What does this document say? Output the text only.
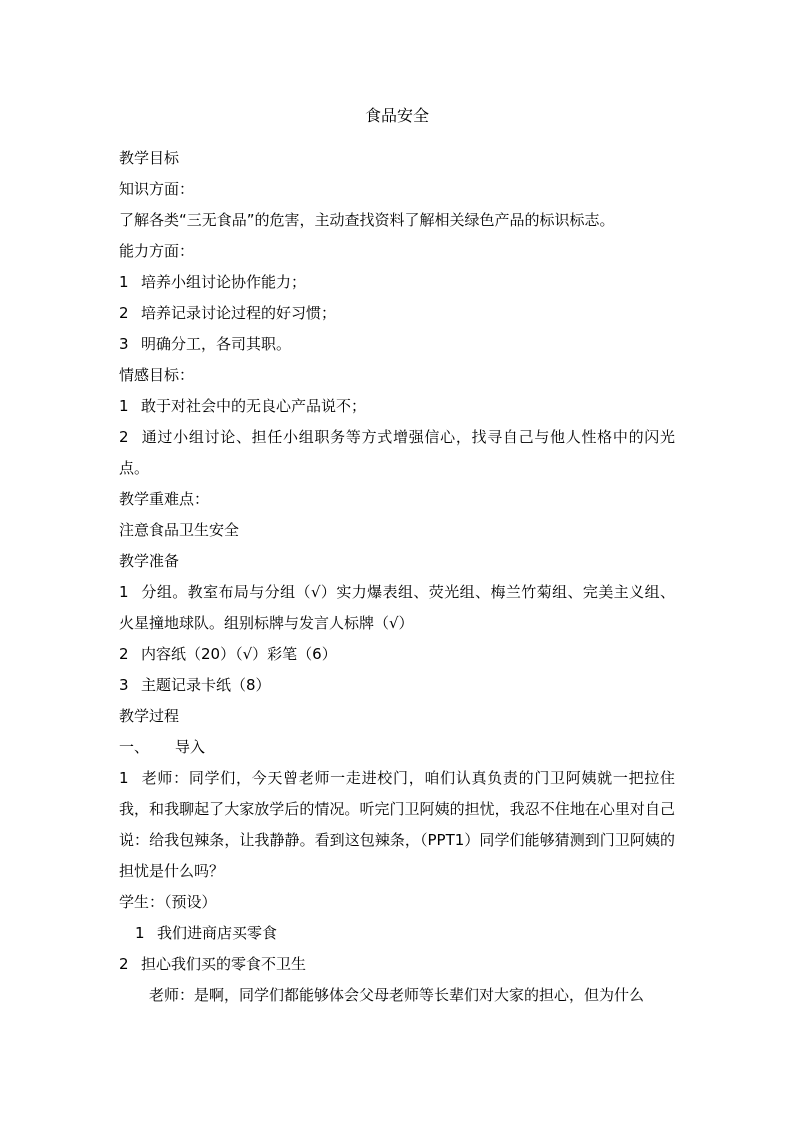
食品安全

教学目标

知识方面：

了解各类“三无食品”的危害，主动查找资料了解相关绿色产品的标识标志。

能力方面：

1 培养小组讨论协作能力；

2 培养记录讨论过程的好习惯；

3 明确分工，各司其职。

情感目标：

1 敢于对社会中的无良心产品说不；

2 通过小组讨论、担任小组职务等方式增强信心，找寻自己与他人性格中的闪光点。

教学重难点：

注意食品卫生安全

教学准备

1 分组。教室布局与分组（√）实力爆表组、荧光组、梅兰竹菊组、完美主义组、火星撞地球队。组别标牌与发言人标牌（√）

2 内容纸（20）（√）彩笔（6）

3 主题记录卡纸（8）

教学过程

一、 导入

1 老师：同学们，今天曾老师一走进校门，咱们认真负责的门卫阿姨就一把拉住我，和我聊起了大家放学后的情况。听完门卫阿姨的担忧，我忍不住地在心里对自己说：给我包辣条，让我静静。看到这包辣条，（PPT1）同学们能够猜测到门卫阿姨的担忧是什么吗？

学生：（预设）

1 我们进商店买零食

2 担心我们买的零食不卫生

老师：是啊，同学们都能够体会父母老师等长辈们对大家的担心，但为什么
